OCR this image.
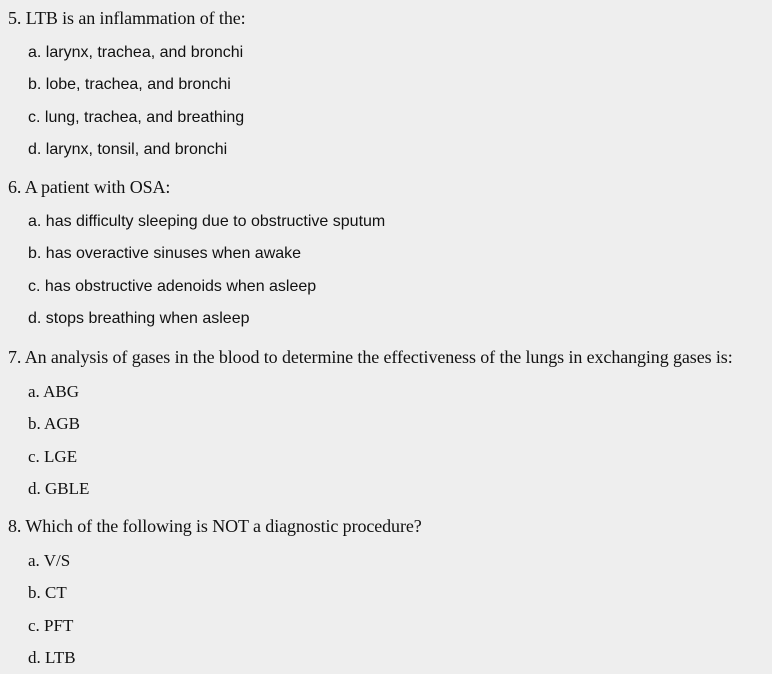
5. LTB is an inflammation of the:
a. larynx, trachea, and bronchi
b. lobe, trachea, and bronchi
c. lung, trachea, and breathing
d. larynx, tonsil, and bronchi
6. A patient with OSA:
a. has difficulty sleeping due to obstructive sputum
b. has overactive sinuses when awake
c. has obstructive adenoids when asleep
d. stops breathing when asleep
7. An analysis of gases in the blood to determine the effectiveness of the lungs in exchanging gases is:
a. ABG
b. AGB
c. LGE
d. GBLE
8. Which of the following is NOT a diagnostic procedure?
a. V/S
b. CT
c. PFT
d. LTB
